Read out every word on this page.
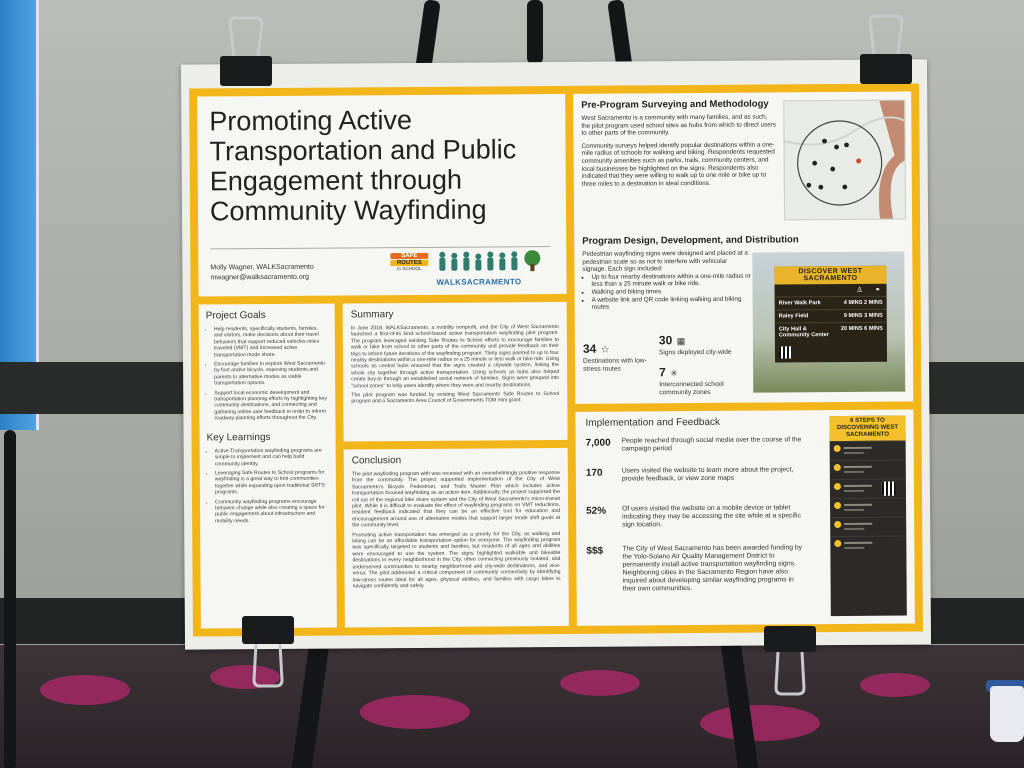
Promoting Active Transportation and Public Engagement through Community Wayfinding
Molly Wagner, WALKSacramento
mwagner@walksacramento.org
SAFE
ROUTES
to SCHOOL
WALKSACRAMENTO
Project Goals
• Help residents, specifically students, families, and visitors, make decisions about their travel behaviors that support reduced vehicles miles traveled (VMT) and increased active transportation mode share.
• Encourage families to explore West Sacramento by foot and/or bicycle, exposing students and parents to alternative modes as viable transportation options.
• Support local economic development and transportation planning efforts by highlighting key community destinations, and connecting and gathering online user feedback in order to inform roadway planning efforts throughout the City.
Key Learnings
• Active Transportation wayfinding programs are simple to implement and can help build community identity.
• Leveraging Safe Routes to School programs for wayfinding is a great way to knit communities together while expanding upon traditional SRTS programs.
• Community wayfinding programs encourage behavior change while also creating a space for public engagement about infrastructure and mobility needs.
Summary
In June 2018, WALKSacramento, a mobility nonprofit, and the City of West Sacramento launched a first-of-its kind school-based active transportation wayfinding pilot program. The program leveraged existing Safe Routes to School efforts to encourage families to walk or bike from school to other parts of the community and provide feedback on their trips to inform future iterations of the wayfinding program. Thirty signs pointed to up to four nearby destinations within a one-mile radius or a 25 minute or less walk or bike ride. Using schools as central hubs ensured that the signs created a citywide system, linking the whole city together through active transportation. Using schools as hubs also helped create buy-in through an established social network of families. Signs were grouped into "school zones" to help users identify where they were and nearby destinations.
The pilot program was funded by existing West Sacramento Safe Routes to School program and a Sacramento Area Council of Governments TDM mini grant.
Conclusion
The pilot wayfinding program with was received with an overwhelmingly positive response from the community. The project supported implementation of the City of West Sacramento's Bicycle, Pedestrian, and Trails Master Plan which includes active transportation focused wayfinding as an action item. Additionally, the project supported the roll out of the regional bike share system and the City of West Sacramento's micro-transit pilot. While it is difficult to evaluate the effect of wayfinding programs on VMT reductions, resident feedback indicated that they can be an effective tool for education and encouragement around use of alternative modes that support larger mode shift goals at the community level.
Promoting active transportation has emerged as a priority for the City, as walking and biking can be an affordable transportation option for everyone. The wayfinding program was specifically targeted to students and families, but residents of all ages and abilities were encouraged to use the system. The signs highlighted walkable and bikeable destinations in every neighborhood in the City, often connecting previously isolated, and underserved communities to nearby neighborhood and city-wide destinations, and vice-versa. The pilot addressed a critical component of community connectivity by identifying low-stress routes ideal for all ages, physical abilities, and families with cargo bikes to navigate confidently and safely.
Pre-Program Surveying and Methodology
West Sacramento is a community with many families, and as such, the pilot program used school sites as hubs from which to direct users to other parts of the community.
Community surveys helped identify popular destinations within a one-mile radius of schools for walking and biking. Respondents requested community amenities such as parks, trails, community centers, and local businesses be highlighted on the signs. Respondents also indicated that they were willing to walk up to one mile or bike up to three miles to a destination in ideal conditions.
Program Design, Development, and Distribution
Pedestrian wayfinding signs were designed and placed at a pedestrian scale so as not to interfere with vehicular signage. Each sign included:
• Up to four nearby destinations within a one-mile radius or less than a 25 minute walk or bike ride.
• Walking and biking times.
• A website link and QR code linking walking and biking routes
34 ☆
Destinations with low-stress routes
30 ▦
Signs deployed city-wide
7 ✳
Interconnected school community zones
DISCOVER WEST SACRAMENTO
♙ ⚭
River Walk Park	4 MINS 2 MINS
Raley Field	9 MINS 3 MINS
City Hall & Community Center
20 MINS 6 MINS
Implementation and Feedback
7,000 People reached through social media over the course of the campaign period
170	Users visited the website to learn more about the project, provide feedback, or view zone maps
52% Of users visited the website on a mobile device or tablet indicating they may be accessing the site while at a specific sign location.
$$$	The City of West Sacramento has been awarded funding by the Yolo-Solano Air Quality Management District to permanently install active transportation wayfinding signs. Neighboring cities in the Sacramento Region have also inquired about developing similar wayfinding programs in their own communities.
6 STEPS TO DISCOVERING WEST SACRAMENTO
